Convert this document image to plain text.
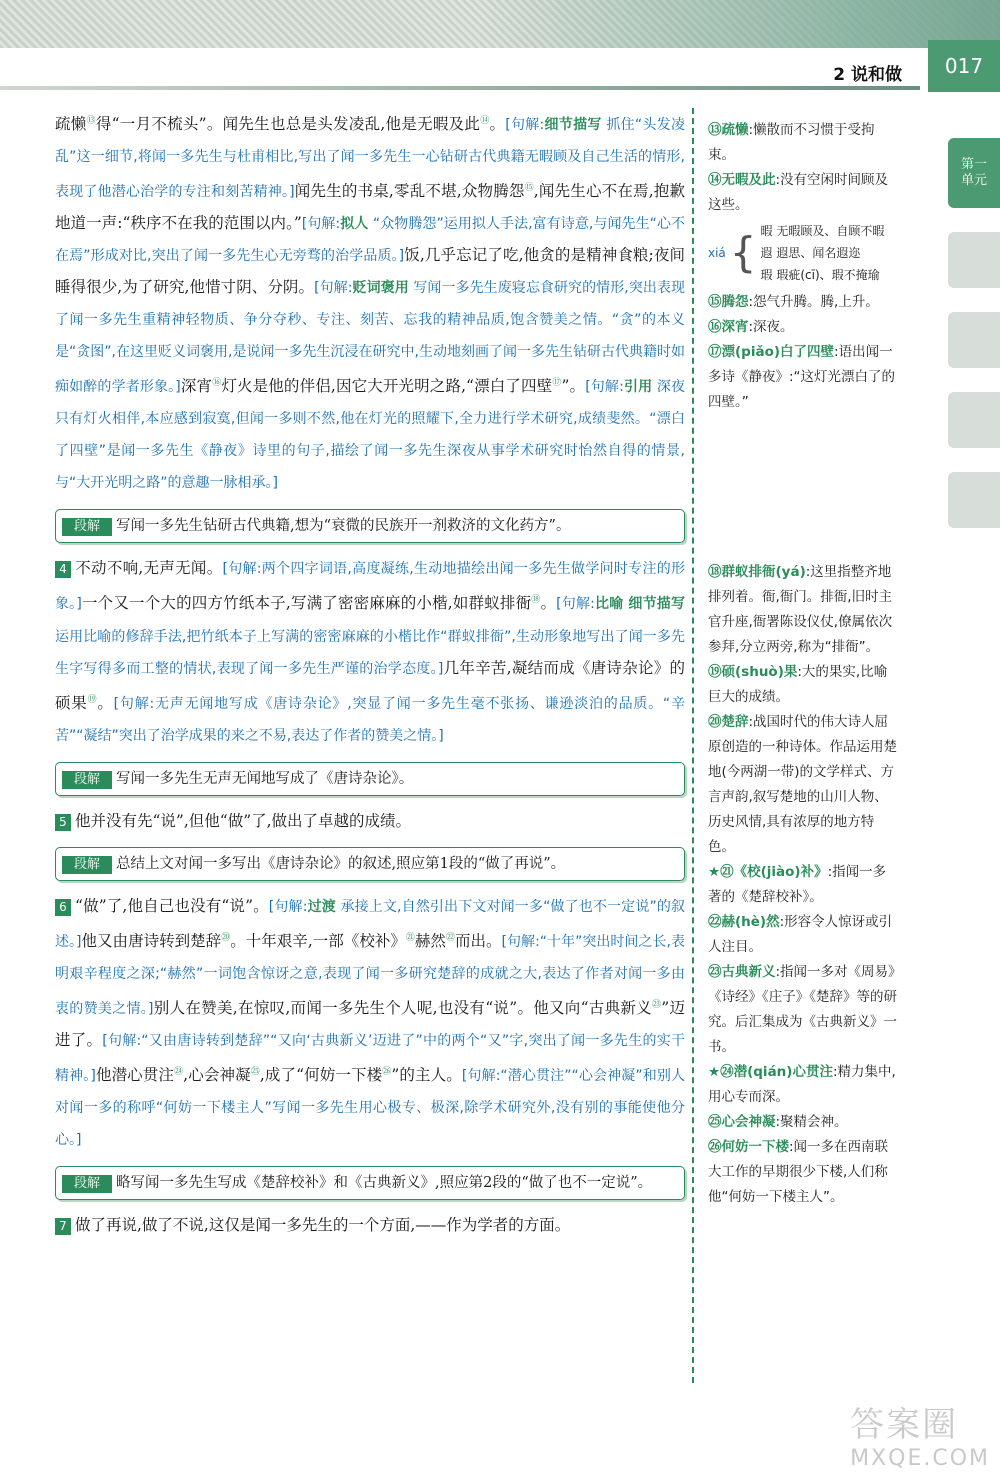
2 说和做	017
第一单元

疏懒⑬得“一月不梳头”。闻先生也总是头发凌乱,他是无暇及此⑭。[句解:细节描写 抓住“头发凌乱”这一细节,将闻一多先生与杜甫相比,写出了闻一多先生一心钻研古代典籍无暇顾及自己生活的情形,表现了他潜心治学的专注和刻苦精神。]闻先生的书桌,零乱不堪,众物腾怨⑮,闻先生心不在焉,抱歉地道一声:“秩序不在我的范围以内。”[句解:拟人 “众物腾怨”运用拟人手法,富有诗意,与闻先生“心不在焉”形成对比,突出了闻一多先生心无旁骛的治学品质。]饭,几乎忘记了吃,他贪的是精神食粮;夜间睡得很少,为了研究,他惜寸阴、分阴。[句解:贬词褒用 写闻一多先生废寝忘食研究的情形,突出表现了闻一多先生重精神轻物质、争分夺秒、专注、刻苦、忘我的精神品质,饱含赞美之情。“贪”的本义是“贪图”,在这里贬义词褒用,是说闻一多先生沉浸在研究中,生动地刻画了闻一多先生钻研古代典籍时如痴如醉的学者形象。]深宵⑯灯火是他的伴侣,因它大开光明之路,“漂白了四壁⑰”。[句解:引用 深夜只有灯火相伴,本应感到寂寞,但闻一多则不然,他在灯光的照耀下,全力进行学术研究,成绩斐然。“漂白了四壁”是闻一多先生《静夜》诗里的句子,描绘了闻一多先生深夜从事学术研究时怡然自得的情景,与“大开光明之路”的意趣一脉相承。]

段解 写闻一多先生钻研古代典籍,想为“衰微的民族开一剂救济的文化药方”。

4 不动不响,无声无闻。[句解:两个四字词语,高度凝练,生动地描绘出闻一多先生做学问时专注的形象。]一个又一个大的四方竹纸本子,写满了密密麻麻的小楷,如群蚁排衙⑱。[句解:比喻 细节描写 运用比喻的修辞手法,把竹纸本子上写满的密密麻麻的小楷比作“群蚁排衙”,生动形象地写出了闻一多先生字写得多而工整的情状,表现了闻一多先生严谨的治学态度。]几年辛苦,凝结而成《唐诗杂论》的硕果⑲。[句解:无声无闻地写成《唐诗杂论》,突显了闻一多先生毫不张扬、谦逊淡泊的品质。“辛苦”“凝结”突出了治学成果的来之不易,表达了作者的赞美之情。]

段解 写闻一多先生无声无闻地写成了《唐诗杂论》。

5 他并没有先“说”,但他“做”了,做出了卓越的成绩。

段解 总结上文对闻一多写出《唐诗杂论》的叙述,照应第1段的“做了再说”。

6 “做”了,他自己也没有“说”。[句解:过渡 承接上文,自然引出下文对闻一多“做了也不一定说”的叙述。]他又由唐诗转到楚辞⑳。十年艰辛,一部《校补》$^㉑$赫然$^㉒$而出。[句解:“十年”突出时间之长,表明艰辛程度之深;“赫然”一词饱含惊讶之意,表现了闻一多研究楚辞的成就之大,表达了作者对闻一多由衷的赞美之情。]别人在赞美,在惊叹,而闻一多先生个人呢,也没有“说”。他又向“古典新义$^㉓$”迈进了。[句解:“又由唐诗转到楚辞”“又向‘古典新义’迈进了”中的两个“又”字,突出了闻一多先生的实干精神。]他潜心贯注$^㉔$,心会神凝$^㉕$,成了“何妨一下楼$^㉖$”的主人。[句解:“潜心贯注”“心会神凝”和别人对闻一多的称呼“何妨一下楼主人”写闻一多先生用心极专、极深,除学术研究外,没有别的事能使他分心。]

段解 略写闻一多先生写成《楚辞校补》和《古典新义》,照应第2段的“做了也不一定说”。

7 做了再说,做了不说,这仅是闻一多先生的一个方面,——作为学者的方面。

⑬疏懒:懒散而不习惯于受拘束。
⑭无暇及此:没有空闲时间顾及这些。
xiá { 暇 无暇顾及、自顾不暇
遐 遐思、闻名遐迩
瑕 瑕疵(cī)、瑕不掩瑜
⑮腾怨:怨气升腾。腾,上升。
⑯深宵:深夜。
⑰漂(piǎo)白了四壁:语出闻一多诗《静夜》:“这灯光漂白了的四壁。”
⑱群蚁排衙(yá):这里指整齐地排列着。衙,衙门。排衙,旧时主官升座,衙署陈设仪仗,僚属依次参拜,分立两旁,称为“排衙”。
⑲硕(shuò)果:大的果实,比喻巨大的成绩。
⑳楚辞:战国时代的伟大诗人屈原创造的一种诗体。作品运用楚地(今两湖一带)的文学样式、方言声韵,叙写楚地的山川人物、历史风情,具有浓厚的地方特色。
★㉑《校(jiào)补》:指闻一多著的《楚辞校补》。
㉒赫(hè)然:形容令人惊讶或引人注目。
㉓古典新义:指闻一多对《周易》《诗经》《庄子》《楚辞》等的研究。后汇集成为《古典新义》一书。
★㉔潜(qián)心贯注:精力集中,用心专而深。
㉕心会神凝:聚精会神。
㉖何妨一下楼:闻一多在西南联大工作的早期很少下楼,人们称他“何妨一下楼主人”。
答案圈
MXQE.COM
